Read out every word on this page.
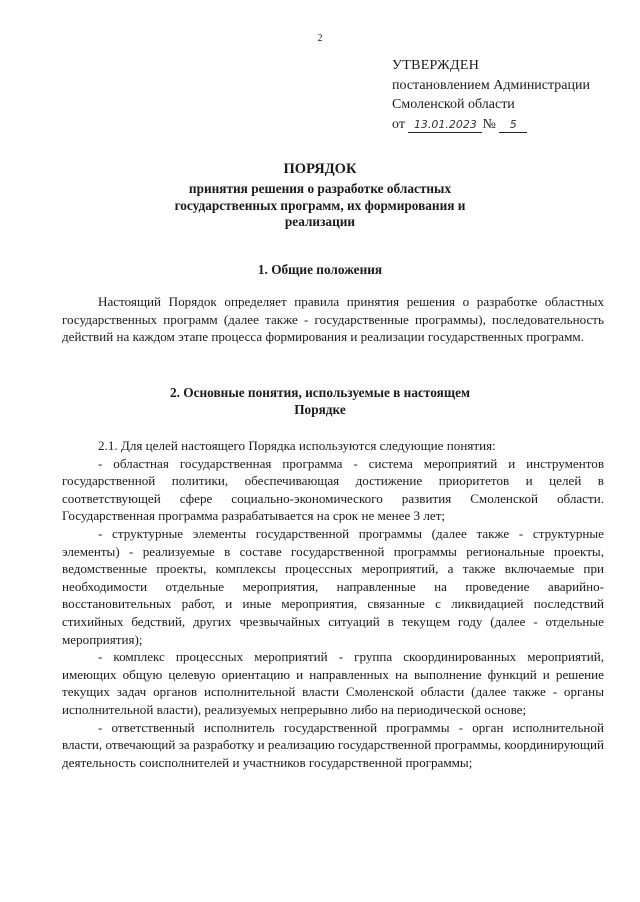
2
УТВЕРЖДЕН
постановлением Администрации
Смоленской области
от 13.01.2023 № 5
ПОРЯДОК
принятия решения о разработке областных государственных программ, их формирования и реализации
1. Общие положения

Настоящий Порядок определяет правила принятия решения о разработке областных государственных программ (далее также - государственные программы), последовательность действий на каждом этапе процесса формирования и реализации государственных программ.

2. Основные понятия, используемые в настоящем Порядке

2.1. Для целей настоящего Порядка используются следующие понятия:

- областная государственная программа - система мероприятий и инструментов государственной политики, обеспечивающая достижение приоритетов и целей в соответствующей сфере социально-экономического развития Смоленской области. Государственная программа разрабатывается на срок не менее 3 лет;

- структурные элементы государственной программы (далее также - структурные элементы) - реализуемые в составе государственной программы региональные проекты, ведомственные проекты, комплексы процессных мероприятий, а также включаемые при необходимости отдельные мероприятия, направленные на проведение аварийно-восстановительных работ, и иные мероприятия, связанные с ликвидацией последствий стихийных бедствий, других чрезвычайных ситуаций в текущем году (далее - отдельные мероприятия);

- комплекс процессных мероприятий - группа скоординированных мероприятий, имеющих общую целевую ориентацию и направленных на выполнение функций и решение текущих задач органов исполнительной власти Смоленской области (далее также - органы исполнительной власти), реализуемых непрерывно либо на периодической основе;

- ответственный исполнитель государственной программы - орган исполнительной власти, отвечающий за разработку и реализацию государственной программы, координирующий деятельность соисполнителей и участников государственной программы;
